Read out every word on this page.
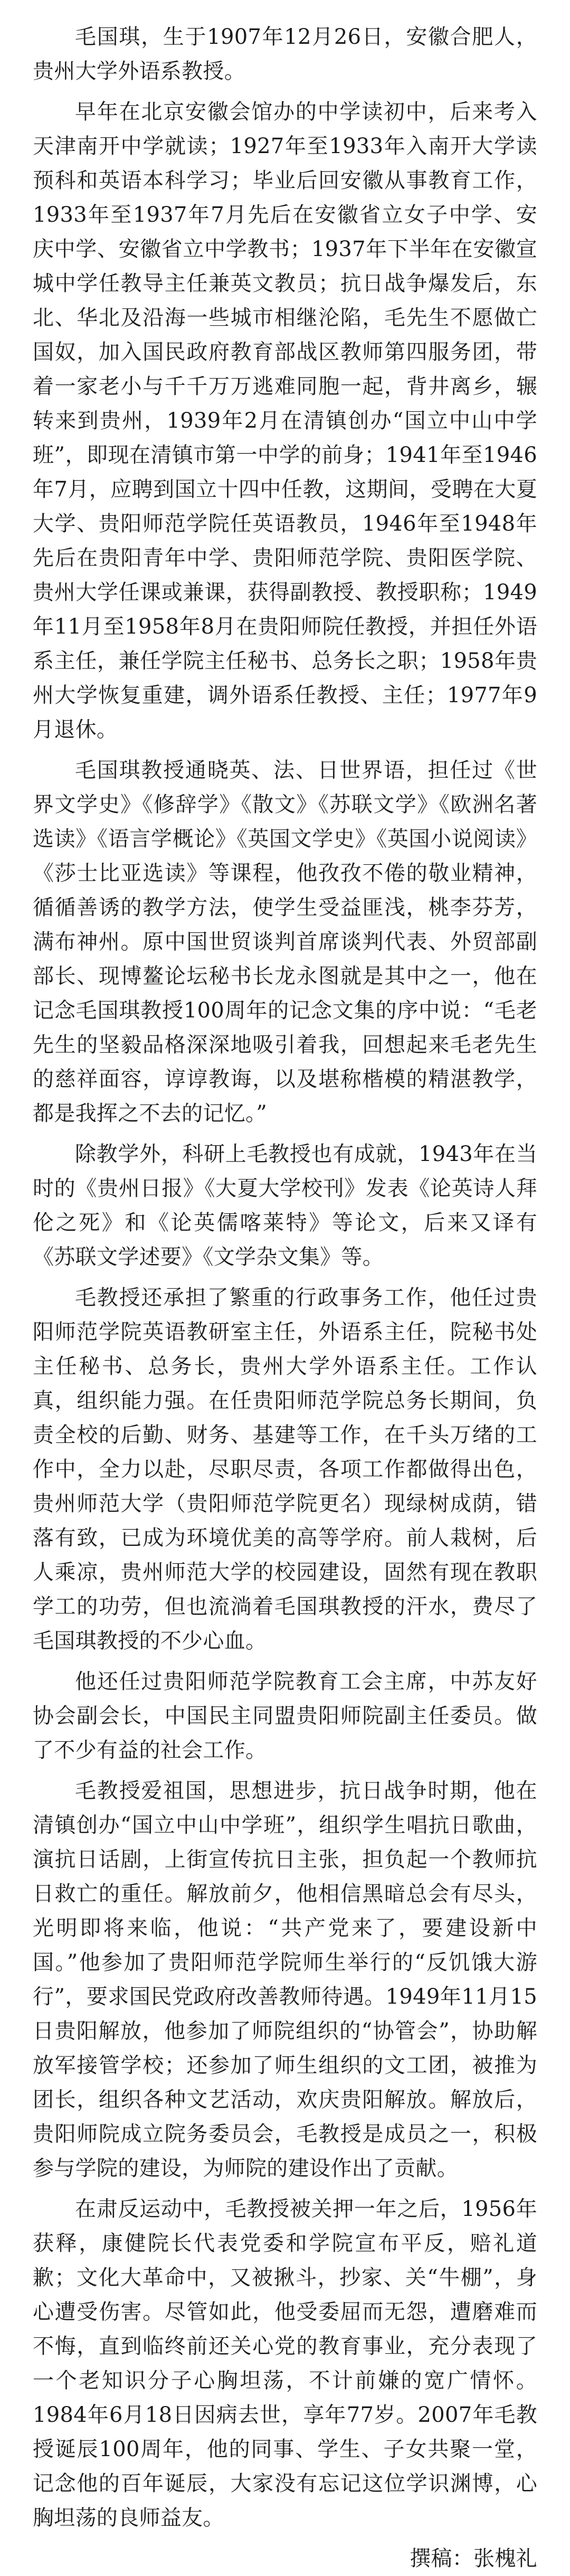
毛国琪，生于1907年12月26日，安徽合肥人，贵州大学外语系教授。

早年在北京安徽会馆办的中学读初中，后来考入天津南开中学就读；1927年至1933年入南开大学读预科和英语本科学习；毕业后回安徽从事教育工作，1933年至1937年7月先后在安徽省立女子中学、安庆中学、安徽省立中学教书；1937年下半年在安徽宣城中学任教导主任兼英文教员；抗日战争爆发后，东北、华北及沿海一些城市相继沦陷，毛先生不愿做亡国奴，加入国民政府教育部战区教师第四服务团，带着一家老小与千千万万逃难同胞一起，背井离乡，辗转来到贵州，1939年2月在清镇创办“国立中山中学班”，即现在清镇市第一中学的前身；1941年至1946年7月，应聘到国立十四中任教，这期间，受聘在大夏大学、贵阳师范学院任英语教员，1946年至1948年先后在贵阳青年中学、贵阳师范学院、贵阳医学院、贵州大学任课或兼课，获得副教授、教授职称；1949年11月至1958年8月在贵阳师院任教授，并担任外语系主任，兼任学院主任秘书、总务长之职；1958年贵州大学恢复重建，调外语系任教授、主任；1977年9月退休。

毛国琪教授通晓英、法、日世界语，担任过《世界文学史》《修辞学》《散文》《苏联文学》《欧洲名著选读》《语言学概论》《英国文学史》《英国小说阅读》《莎士比亚选读》等课程，他孜孜不倦的敬业精神，循循善诱的教学方法，使学生受益匪浅，桃李芬芳，满布神州。原中国世贸谈判首席谈判代表、外贸部副部长、现博鳌论坛秘书长龙永图就是其中之一，他在记念毛国琪教授100周年的记念文集的序中说：“毛老先生的坚毅品格深深地吸引着我，回想起来毛老先生的慈祥面容，谆谆教诲，以及堪称楷模的精湛教学，都是我挥之不去的记忆。”

除教学外，科研上毛教授也有成就，1943年在当时的《贵州日报》《大夏大学校刊》发表《论英诗人拜伦之死》和《论英儒喀莱特》等论文，后来又译有《苏联文学述要》《文学杂文集》等。

毛教授还承担了繁重的行政事务工作，他任过贵阳师范学院英语教研室主任，外语系主任，院秘书处主任秘书、总务长，贵州大学外语系主任。工作认真，组织能力强。在任贵阳师范学院总务长期间，负责全校的后勤、财务、基建等工作，在千头万绪的工作中，全力以赴，尽职尽责，各项工作都做得出色，贵州师范大学（贵阳师范学院更名）现绿树成荫，错落有致，已成为环境优美的高等学府。前人栽树，后人乘凉，贵州师范大学的校园建设，固然有现在教职学工的功劳，但也流淌着毛国琪教授的汗水，费尽了毛国琪教授的不少心血。

他还任过贵阳师范学院教育工会主席，中苏友好协会副会长，中国民主同盟贵阳师院副主任委员。做了不少有益的社会工作。

毛教授爱祖国，思想进步，抗日战争时期，他在清镇创办“国立中山中学班”，组织学生唱抗日歌曲，演抗日话剧，上街宣传抗日主张，担负起一个教师抗日救亡的重任。解放前夕，他相信黑暗总会有尽头，光明即将来临，他说：“共产党来了，要建设新中国。”他参加了贵阳师范学院师生举行的“反饥饿大游行”，要求国民党政府改善教师待遇。1949年11月15日贵阳解放，他参加了师院组织的“协管会”，协助解放军接管学校；还参加了师生组织的文工团，被推为团长，组织各种文艺活动，欢庆贵阳解放。解放后，贵阳师院成立院务委员会，毛教授是成员之一，积极参与学院的建设，为师院的建设作出了贡献。

在肃反运动中，毛教授被关押一年之后，1956年获释，康健院长代表党委和学院宣布平反，赔礼道歉；文化大革命中，又被揪斗，抄家、关“牛棚”，身心遭受伤害。尽管如此，他受委屈而无怨，遭磨难而不悔，直到临终前还关心党的教育事业，充分表现了一个老知识分子心胸坦荡，不计前嫌的宽广情怀。1984年6月18日因病去世，享年77岁。2007年毛教授诞辰100周年，他的同事、学生、子女共聚一堂，记念他的百年诞辰，大家没有忘记这位学识渊博，心胸坦荡的良师益友。

撰稿：张槐礼
